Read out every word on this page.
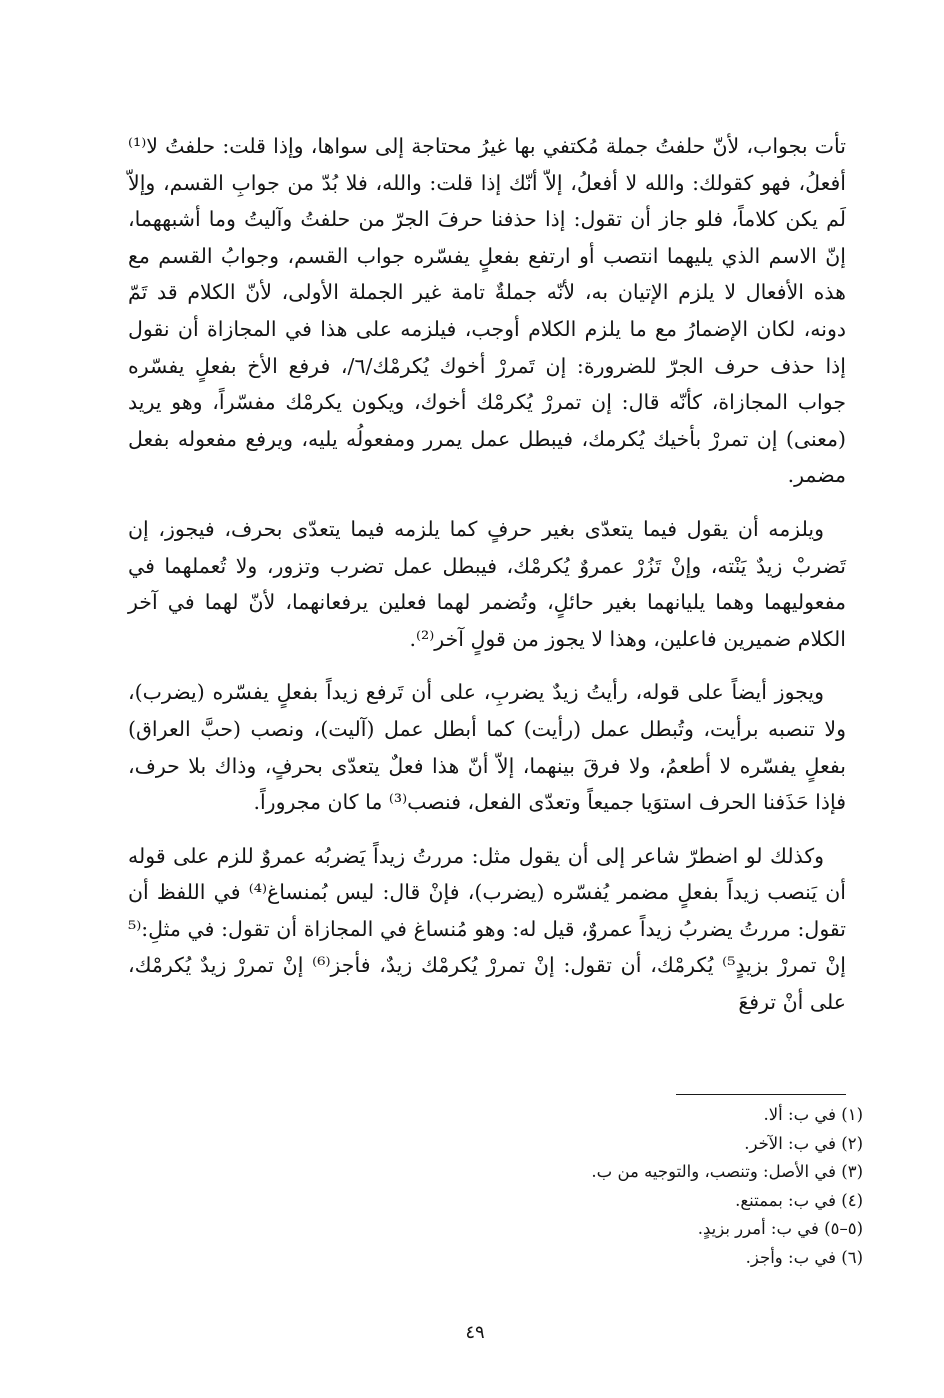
تأت بجواب، لأنّ حلفتُ جملة مُكتفي بها غيرُ محتاجة إلى سواها، وإذا قلت: حلفتُ لا⁽¹⁾ أفعلُ، فهو كقولك: والله لا أفعلُ، إلاّ أنّك إذا قلت: والله، فلا بُدّ من جوابِ القسم، وإلاّ لَم يكن كلاماً، فلو جاز أن تقول: إذا حذفنا حرفَ الجرّ من حلفتُ وآليتُ وما أشبههما، إنّ الاسم الذي يليهما انتصب أو ارتفع بفعلٍ يفسّره جواب القسم، وجوابُ القسم مع هذه الأفعال لا يلزم الإتيان به، لأنّه جملةٌ تامة غير الجملة الأولى، لأنّ الكلام قد تَمّ دونه، لكان الإضمارُ مع ما يلزم الكلام أوجب، فيلزمه على هذا في المجازاة أن نقول إذا حذف حرف الجرّ للضرورة: إن تَمررْ أخوك يُكرمْك/٦/، فرفع الأخ بفعلٍ يفسّره جواب المجازاة، كأنّه قال: إن تمررْ يُكرمْك أخوك، ويكون يكرمْك مفسّراً، وهو يريد (معنى) إن تمررْ بأخيك يُكرمك، فيبطل عمل يمرر ومفعولُه يليه، ويرفع مفعوله بفعل مضمر.

ويلزمه أن يقول فيما يتعدّى بغير حرفٍ كما يلزمه فيما يتعدّى بحرف، فيجوز، إن تَضربْ زيدٌ يَنْته، وإنْ تَزُرْ عمروٌ يُكرمْك، فيبطل عمل تضرب وتزور، ولا تُعملهما في مفعوليهما وهما يليانهما بغير حائلٍ، وتُضمر لهما فعلين يرفعانهما، لأنّ لهما في آخر الكلام ضميرين فاعلين، وهذا لا يجوز من قولٍ آخر⁽²⁾.

ويجوز أيضاً على قوله، رأيتُ زيدٌ يضربِ، على أن تَرفع زيداً بفعلٍ يفسّره (يضرب)، ولا تنصبه برأيت، وتُبطل عمل (رأيت) كما أبطل عمل (آليت)، ونصب (حبَّ العراق) بفعلٍ يفسّره لا أطعمُ، ولا فرقَ بينهما، إلاّ أنّ هذا فعلٌ يتعدّى بحرفٍ، وذاك بلا حرف، فإذا حَذَفنا الحرف استوَيا جميعاً وتعدّى الفعل، فنصب⁽³⁾ ما كان مجروراً.

وكذلك لو اضطرّ شاعر إلى أن يقول مثل: مررتُ زيداً يَضربُه عمروٌ للزم على قوله أن يَنصب زيداً بفعلٍ مضمر يُفسّره (يضرب)، فإنْ قال: ليس بُمنساغ⁽⁴⁾ في اللفظ أن تقول: مررتُ يضربُ زيداً عمروٌ، قيل له: وهو مُنساغ في المجازاة أن تقول: في مثلِ:⁽⁵ إنْ تمررْ بزيدٍ⁵⁾ يُكرمْك، أن تقول: إنْ تمررْ يُكرمْك زيدٌ، فأجز⁽⁶⁾ إنْ تمررْ زيدٌ يُكرمْك، على أنْ ترفعَ

(١) في ب: ألا.
(٢) في ب: الآخر.
(٣) في الأصل: وتنصب، والتوجيه من ب.
(٤) في ب: بممتنع.
(٥–٥) في ب: أمرر بزيدٍ.
(٦) في ب: وأجز.
٤٩
